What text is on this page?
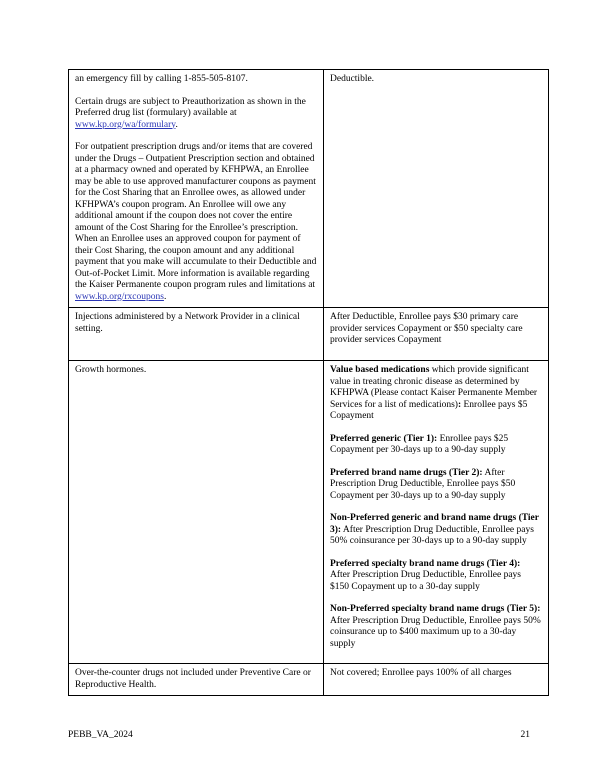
an emergency fill by calling 1-855-505-8107.

Certain drugs are subject to Preauthorization as shown in the Preferred drug list (formulary) available at www.kp.org/wa/formulary.

For outpatient prescription drugs and/or items that are covered under the Drugs – Outpatient Prescription section and obtained at a pharmacy owned and operated by KFHPWA, an Enrollee may be able to use approved manufacturer coupons as payment for the Cost Sharing that an Enrollee owes, as allowed under KFHPWA’s coupon program. An Enrollee will owe any additional amount if the coupon does not cover the entire amount of the Cost Sharing for the Enrollee’s prescription. When an Enrollee uses an approved coupon for payment of their Cost Sharing, the coupon amount and any additional payment that you make will accumulate to their Deductible and Out-of-Pocket Limit. More information is available regarding the Kaiser Permanente coupon program rules and limitations at www.kp.org/rxcoupons.	Deductible.

Injections administered by a Network Provider in a clinical setting.	After Deductible, Enrollee pays $30 primary care provider services Copayment or $50 specialty care provider services Copayment

Growth hormones.	Value based medications which provide significant value in treating chronic disease as determined by KFHPWA (Please contact Kaiser Permanente Member Services for a list of medications): Enrollee pays $5 Copayment

Preferred generic (Tier 1): Enrollee pays $25 Copayment per 30-days up to a 90-day supply

Preferred brand name drugs (Tier 2): After Prescription Drug Deductible, Enrollee pays $50 Copayment per 30-days up to a 90-day supply

Non-Preferred generic and brand name drugs (Tier 3): After Prescription Drug Deductible, Enrollee pays 50% coinsurance per 30-days up to a 90-day supply

Preferred specialty brand name drugs (Tier 4): After Prescription Drug Deductible, Enrollee pays $150 Copayment up to a 30-day supply

Non-Preferred specialty brand name drugs (Tier 5): After Prescription Drug Deductible, Enrollee pays 50% coinsurance up to $400 maximum up to a 30-day supply

Over-the-counter drugs not included under Preventive Care or Reproductive Health.	Not covered; Enrollee pays 100% of all charges

PEBB_VA_2024	21
